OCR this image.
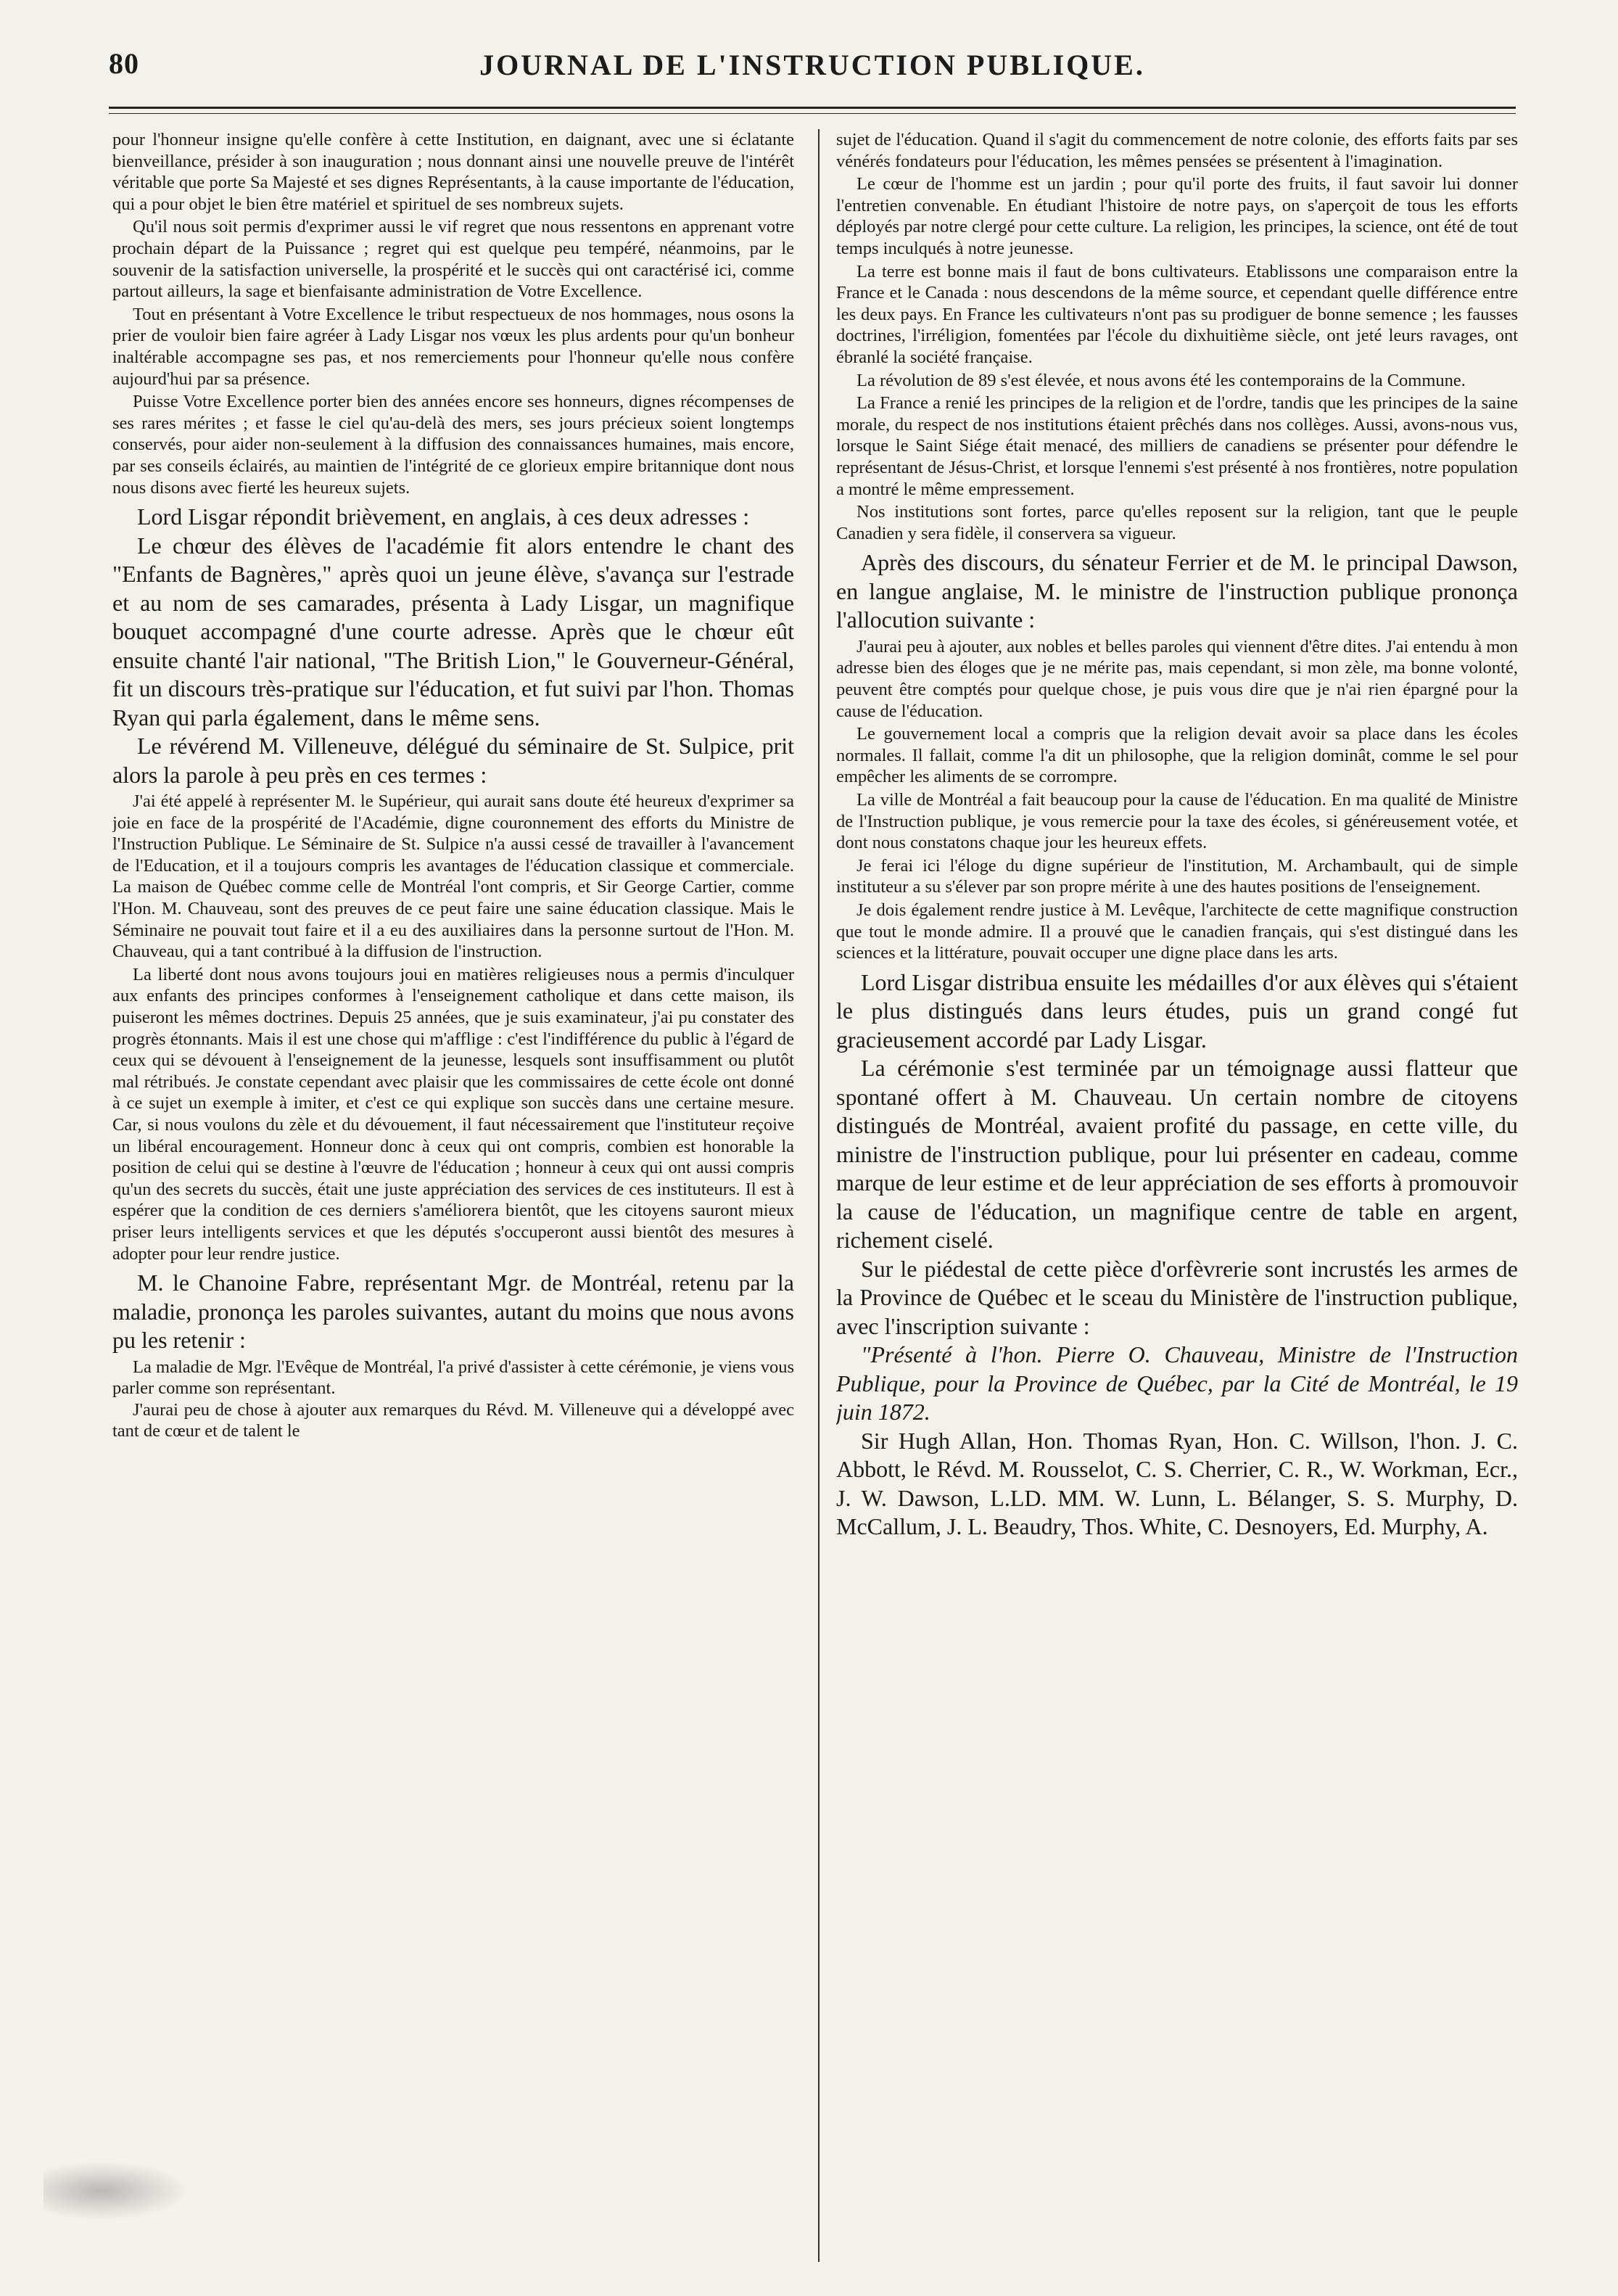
80	JOURNAL DE L'INSTRUCTION PUBLIQUE.

pour l'honneur insigne qu'elle confère à cette Institution, en daignant, avec une si éclatante bienveillance, présider à son inauguration ; nous donnant ainsi une nouvelle preuve de l'intérêt véritable que porte Sa Majesté et ses dignes Représentants, à la cause importante de l'éducation, qui a pour objet le bien être matériel et spirituel de ses nombreux sujets.

Qu'il nous soit permis d'exprimer aussi le vif regret que nous ressentons en apprenant votre prochain départ de la Puissance ; regret qui est quelque peu tempéré, néanmoins, par le souvenir de la satisfaction universelle, la prospérité et le succès qui ont caractérisé ici, comme partout ailleurs, la sage et bienfaisante administration de Votre Excellence.

Tout en présentant à Votre Excellence le tribut respectueux de nos hommages, nous osons la prier de vouloir bien faire agréer à Lady Lisgar nos vœux les plus ardents pour qu'un bonheur inaltérable accompagne ses pas, et nos remerciements pour l'honneur qu'elle nous confère aujourd'hui par sa présence.

Puisse Votre Excellence porter bien des années encore ses honneurs, dignes récompenses de ses rares mérites ; et fasse le ciel qu'au-delà des mers, ses jours précieux soient longtemps conservés, pour aider non-seulement à la diffusion des connaissances humaines, mais encore, par ses conseils éclairés, au maintien de l'intégrité de ce glorieux empire britannique dont nous nous disons avec fierté les heureux sujets.

Lord Lisgar répondit brièvement, en anglais, à ces deux adresses :

Le chœur des élèves de l'académie fit alors entendre le chant des "Enfants de Bagnères," après quoi un jeune élève, s'avança sur l'estrade et au nom de ses camarades, présenta à Lady Lisgar, un magnifique bouquet accompagné d'une courte adresse. Après que le chœur eût ensuite chanté l'air national, "The British Lion," le Gouverneur-Général, fit un discours très-pratique sur l'éducation, et fut suivi par l'hon. Thomas Ryan qui parla également, dans le même sens.

Le révérend M. Villeneuve, délégué du séminaire de St. Sulpice, prit alors la parole à peu près en ces termes :

J'ai été appelé à représenter M. le Supérieur, qui aurait sans doute été heureux d'exprimer sa joie en face de la prospérité de l'Académie, digne couronnement des efforts du Ministre de l'Instruction Publique. Le Séminaire de St. Sulpice n'a aussi cessé de travailler à l'avancement de l'Education, et il a toujours compris les avantages de l'éducation classique et commerciale. La maison de Québec comme celle de Montréal l'ont compris, et Sir George Cartier, comme l'Hon. M. Chauveau, sont des preuves de ce peut faire une saine éducation classique. Mais le Séminaire ne pouvait tout faire et il a eu des auxiliaires dans la personne surtout de l'Hon. M. Chauveau, qui a tant contribué à la diffusion de l'instruction.

La liberté dont nous avons toujours joui en matières religieuses nous a permis d'inculquer aux enfants des principes conformes à l'enseignement catholique et dans cette maison, ils puiseront les mêmes doctrines. Depuis 25 années, que je suis examinateur, j'ai pu constater des progrès étonnants. Mais il est une chose qui m'afflige : c'est l'indifférence du public à l'égard de ceux qui se dévouent à l'enseignement de la jeunesse, lesquels sont insuffisamment ou plutôt mal rétribués. Je constate cependant avec plaisir que les commissaires de cette école ont donné à ce sujet un exemple à imiter, et c'est ce qui explique son succès dans une certaine mesure. Car, si nous voulons du zèle et du dévouement, il faut nécessairement que l'instituteur reçoive un libéral encouragement. Honneur donc à ceux qui ont compris, combien est honorable la position de celui qui se destine à l'œuvre de l'éducation ; honneur à ceux qui ont aussi compris qu'un des secrets du succès, était une juste appréciation des services de ces instituteurs. Il est à espérer que la condition de ces derniers s'améliorera bientôt, que les citoyens sauront mieux priser leurs intelligents services et que les députés s'occuperont aussi bientôt des mesures à adopter pour leur rendre justice.

M. le Chanoine Fabre, représentant Mgr. de Montréal, retenu par la maladie, prononça les paroles suivantes, autant du moins que nous avons pu les retenir :

La maladie de Mgr. l'Evêque de Montréal, l'a privé d'assister à cette cérémonie, je viens vous parler comme son représentant.

J'aurai peu de chose à ajouter aux remarques du Révd. M. Villeneuve qui a développé avec tant de cœur et de talent le

sujet de l'éducation. Quand il s'agit du commencement de notre colonie, des efforts faits par ses vénérés fondateurs pour l'éducation, les mêmes pensées se présentent à l'imagination.

Le cœur de l'homme est un jardin ; pour qu'il porte des fruits, il faut savoir lui donner l'entretien convenable. En étudiant l'histoire de notre pays, on s'aperçoit de tous les efforts déployés par notre clergé pour cette culture. La religion, les principes, la science, ont été de tout temps inculqués à notre jeunesse.

La terre est bonne mais il faut de bons cultivateurs. Etablissons une comparaison entre la France et le Canada : nous descendons de la même source, et cependant quelle différence entre les deux pays. En France les cultivateurs n'ont pas su prodiguer de bonne semence ; les fausses doctrines, l'irréligion, fomentées par l'école du dixhuitième siècle, ont jeté leurs ravages, ont ébranlé la société française.

La révolution de 89 s'est élevée, et nous avons été les contemporains de la Commune.

La France a renié les principes de la religion et de l'ordre, tandis que les principes de la saine morale, du respect de nos institutions étaient prêchés dans nos collèges. Aussi, avons-nous vus, lorsque le Saint Siége était menacé, des milliers de canadiens se présenter pour défendre le représentant de Jésus-Christ, et lorsque l'ennemi s'est présenté à nos frontières, notre population a montré le même empressement.

Nos institutions sont fortes, parce qu'elles reposent sur la religion, tant que le peuple Canadien y sera fidèle, il conservera sa vigueur.

Après des discours, du sénateur Ferrier et de M. le principal Dawson, en langue anglaise, M. le ministre de l'instruction publique prononça l'allocution suivante :

J'aurai peu à ajouter, aux nobles et belles paroles qui viennent d'être dites. J'ai entendu à mon adresse bien des éloges que je ne mérite pas, mais cependant, si mon zèle, ma bonne volonté, peuvent être comptés pour quelque chose, je puis vous dire que je n'ai rien épargné pour la cause de l'éducation.

Le gouvernement local a compris que la religion devait avoir sa place dans les écoles normales. Il fallait, comme l'a dit un philosophe, que la religion dominât, comme le sel pour empêcher les aliments de se corrompre.

La ville de Montréal a fait beaucoup pour la cause de l'éducation. En ma qualité de Ministre de l'Instruction publique, je vous remercie pour la taxe des écoles, si généreusement votée, et dont nous constatons chaque jour les heureux effets.

Je ferai ici l'éloge du digne supérieur de l'institution, M. Archambault, qui de simple instituteur a su s'élever par son propre mérite à une des hautes positions de l'enseignement.

Je dois également rendre justice à M. Levêque, l'architecte de cette magnifique construction que tout le monde admire. Il a prouvé que le canadien français, qui s'est distingué dans les sciences et la littérature, pouvait occuper une digne place dans les arts.

Lord Lisgar distribua ensuite les médailles d'or aux élèves qui s'étaient le plus distingués dans leurs études, puis un grand congé fut gracieusement accordé par Lady Lisgar.

La cérémonie s'est terminée par un témoignage aussi flatteur que spontané offert à M. Chauveau. Un certain nombre de citoyens distingués de Montréal, avaient profité du passage, en cette ville, du ministre de l'instruction publique, pour lui présenter en cadeau, comme marque de leur estime et de leur appréciation de ses efforts à promouvoir la cause de l'éducation, un magnifique centre de table en argent, richement ciselé.

Sur le piédestal de cette pièce d'orfèvrerie sont incrustés les armes de la Province de Québec et le sceau du Ministère de l'instruction publique, avec l'inscription suivante :

"Présenté à l'hon. Pierre O. Chauveau, Ministre de l'Instruction Publique, pour la Province de Québec, par la Cité de Montréal, le 19 juin 1872.

Sir Hugh Allan, Hon. Thomas Ryan, Hon. C. Willson, l'hon. J. C. Abbott, le Révd. M. Rousselot, C. S. Cherrier, C. R., W. Workman, Ecr., J. W. Dawson, L.LD. MM. W. Lunn, L. Bélanger, S. S. Murphy, D. McCallum, J. L. Beaudry, Thos. White, C. Desnoyers, Ed. Murphy, A.
